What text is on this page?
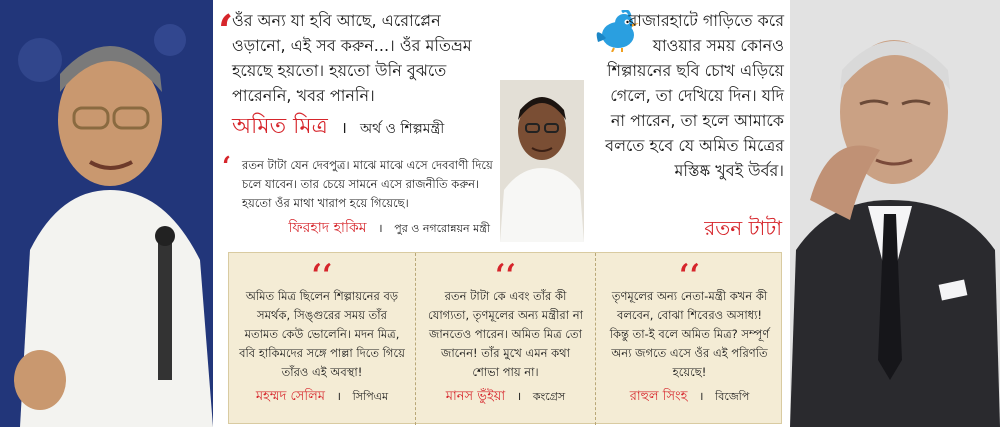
‘

ওঁর অন্য যা হবি আছে, এরোপ্লেন ওড়ানো, এই সব করুন...। ওঁর মতিভ্রম হয়েছে হয়তো। হয়তো উনি বুঝতে পারেননি, খবর পাননি।

অমিত মিত্র । অর্থ ও শিল্পমন্ত্রী

‘ রতন টাটা যেন দেবপুত্র। মাঝে মাঝে এসে দেববাণী দিয়ে চলে যাবেন। তার চেয়ে সামনে এসে রাজনীতি করুন। হয়তো ওঁর মাথা খারাপ হয়ে গিয়েছে।

ফিরহাদ হাকিম । পুর ও নগরোন্নয়ন মন্ত্রী

রাজারহাটে গাড়িতে করে যাওয়ার সময় কোনও শিল্পায়নের ছবি চোখ এড়িয়ে গেলে, তা দেখিয়ে দিন। যদি না পারেন, তা হলে আমাকে বলতে হবে যে অমিত মিত্রের মস্তিষ্ক খুবই উর্বর।

রতন টাটা
‘‘

অমিত মিত্র ছিলেন শিল্পায়নের বড় সমর্থক, সিঙ্গুরের সময় তাঁর মতামত কেউ ভোলেনি। মদন মিত্র, ববি হাকিমদের সঙ্গে পাল্লা দিতে গিয়ে তাঁরও এই অবস্থা!

মহম্মদ সেলিম । সিপিএম

‘‘

রতন টাটা কে এবং তাঁর কী যোগ্যতা, তৃণমূলের অন্য মন্ত্রীরা না জানতেও পারেন। অমিত মিত্র তো জানেন! তাঁর মুখে এমন কথা শোভা পায় না।

মানস ভুঁইয়া । কংগ্রেস

‘‘

তৃণমূলের অন্য নেতা-মন্ত্রী কখন কী বলবেন, বোঝা শিবেরও অসাধ্য! কিন্তু তা-ই বলে অমিত মিত্র? সম্পূর্ণ অন্য জগতে এসে ওঁর এই পরিণতি হয়েছে!

রাহুল সিংহ । বিজেপি
